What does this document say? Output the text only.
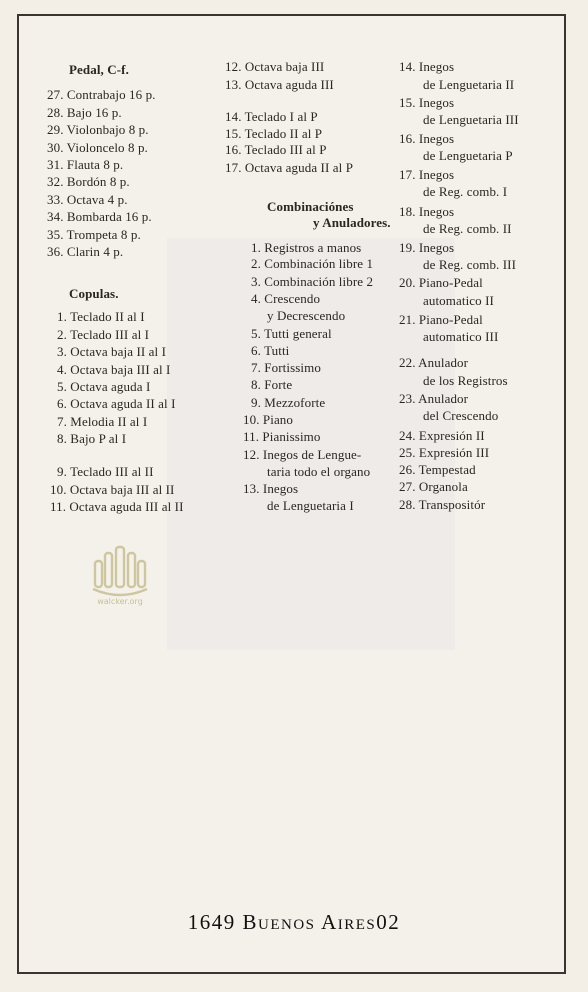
Pedal, C-f.
27. Contrabajo 16 p.
28. Bajo 16 p.
29. Violonbajo 8 p.
30. Violoncelo 8 p.
31. Flauta 8 p.
32. Bordón 8 p.
33. Octava 4 p.
34. Bombarda 16 p.
35. Trompeta 8 p.
36. Clarin 4 p.
Copulas.
1. Teclado II al I
2. Teclado III al I
3. Octava baja II al I
4. Octava baja III al I
5. Octava aguda I
6. Octava aguda II al I
7. Melodia II al I
8. Bajo P al I
9. Teclado III al II
10. Octava baja III al II
11. Octava aguda III al II
12. Octava baja III
13. Octava aguda III
14. Teclado I al P
15. Teclado II al P
16. Teclado III al P
17. Octava aguda II al P
Combinaciónes
y Anuladores.
1. Registros a manos
2. Combinación libre 1
3. Combinación libre 2
4. Crescendo
y Decrescendo
5. Tutti general
6. Tutti
7. Fortissimo
8. Forte
9. Mezzoforte
10. Piano
11. Pianissimo
12. Inegos de Lengue-
taria todo el organo
13. Inegos
de Lenguetaria I
14. Inegos
de Lenguetaria II
15. Inegos
de Lenguetaria III
16. Inegos
de Lenguetaria P
17. Inegos
de Reg. comb. I
18. Inegos
de Reg. comb. II
19. Inegos
de Reg. comb. III
20. Piano-Pedal
automatico II
21. Piano-Pedal
automatico III
22. Anulador
de los Registros
23. Anulador
del Crescendo
24. Expresión II
25. Expresión III
26. Tempestad
27. Organola
28. Transpositór
walcker.org
1649 Buenos Aires02
